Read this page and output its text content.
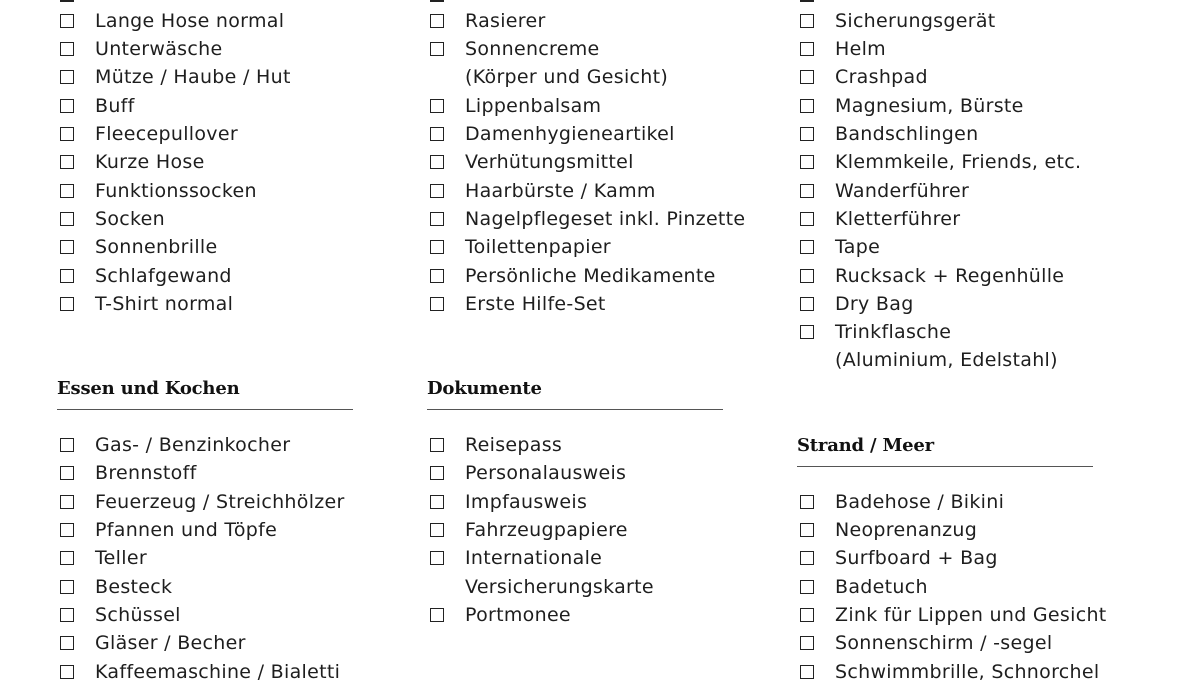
Lange Hose normal
Unterwäsche
Mütze / Haube / Hut
Buff
Fleecepullover
Kurze Hose
Funktionssocken
Socken
Sonnenbrille
Schlafgewand
T-Shirt normal
Essen und Kochen
Gas- / Benzinkocher
Brennstoff
Feuerzeug / Streichhölzer
Pfannen und Töpfe
Teller
Besteck
Schüssel
Gläser / Becher
Kaffeemaschine / Bialetti
Rasierer
Sonnencreme
(Körper und Gesicht)
Lippenbalsam
Damenhygieneartikel
Verhütungsmittel
Haarbürste / Kamm
Nagelpflegeset inkl. Pinzette
Toilettenpapier
Persönliche Medikamente
Erste Hilfe-Set
Dokumente
Reisepass
Personalausweis
Impfausweis
Fahrzeugpapiere
Internationale
Versicherungskarte
Portmonee
Sicherungsgerät
Helm
Crashpad
Magnesium, Bürste
Bandschlingen
Klemmkeile, Friends, etc.
Wanderführer
Kletterführer
Tape
Rucksack + Regenhülle
Dry Bag
Trinkflasche
(Aluminium, Edelstahl)
Strand / Meer
Badehose / Bikini
Neoprenanzug
Surfboard + Bag
Badetuch
Zink für Lippen und Gesicht
Sonnenschirm / -segel
Schwimmbrille, Schnorchel
